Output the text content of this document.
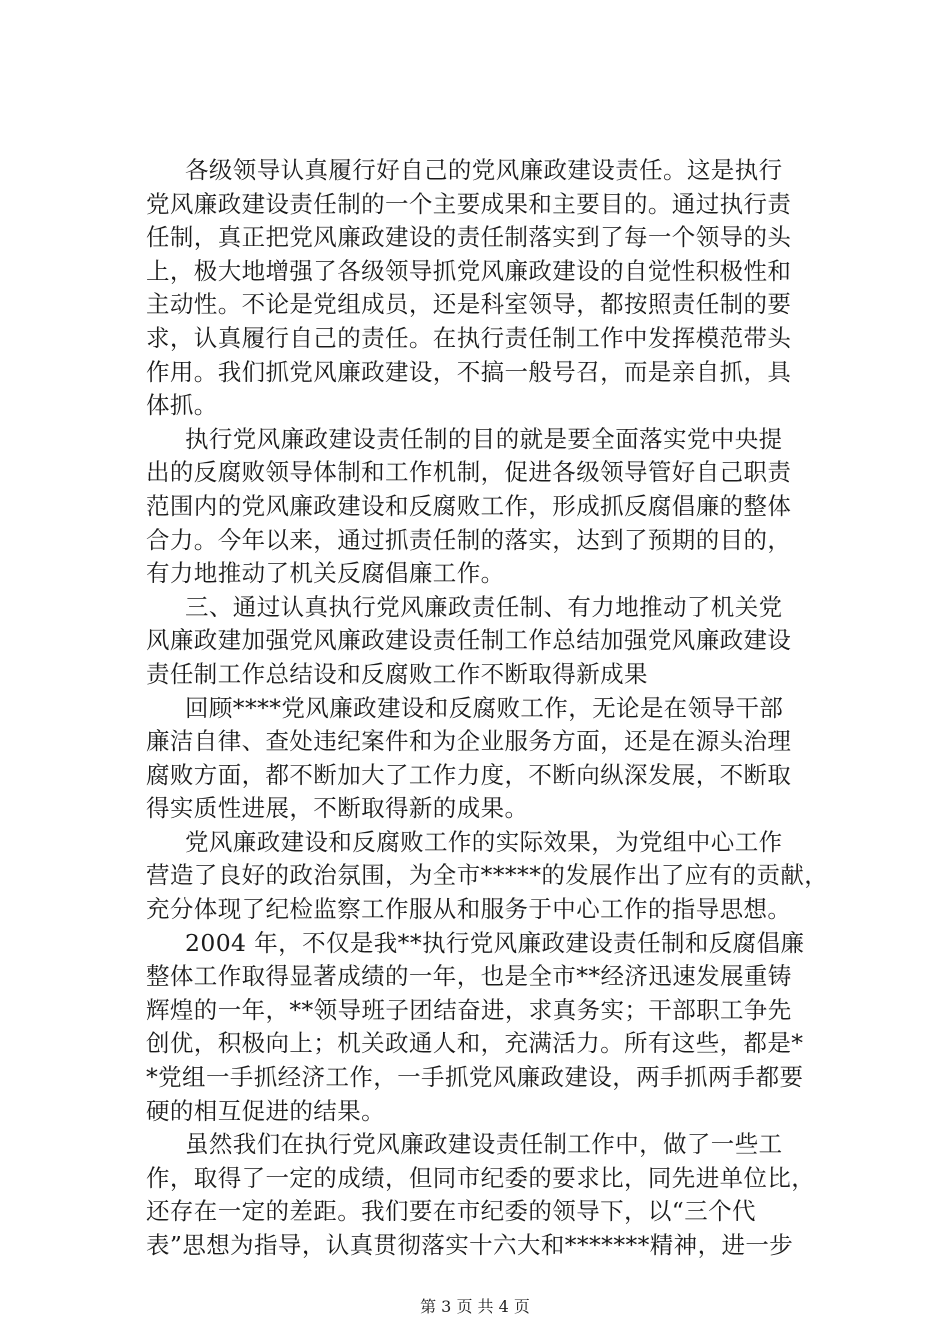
各级领导认真履行好自己的党风廉政建设责任。这是执行
党风廉政建设责任制的一个主要成果和主要目的。通过执行责
任制，真正把党风廉政建设的责任制落实到了每一个领导的头
上，极大地增强了各级领导抓党风廉政建设的自觉性积极性和
主动性。不论是党组成员，还是科室领导，都按照责任制的要
求，认真履行自己的责任。在执行责任制工作中发挥模范带头
作用。我们抓党风廉政建设，不搞一般号召，而是亲自抓，具
体抓。
执行党风廉政建设责任制的目的就是要全面落实党中央提
出的反腐败领导体制和工作机制，促进各级领导管好自己职责
范围内的党风廉政建设和反腐败工作，形成抓反腐倡廉的整体
合力。今年以来，通过抓责任制的落实，达到了预期的目的，
有力地推动了机关反腐倡廉工作。
三、通过认真执行党风廉政责任制、有力地推动了机关党
风廉政建加强党风廉政建设责任制工作总结加强党风廉政建设
责任制工作总结设和反腐败工作不断取得新成果
回顾****党风廉政建设和反腐败工作，无论是在领导干部
廉洁自律、查处违纪案件和为企业服务方面，还是在源头治理
腐败方面，都不断加大了工作力度，不断向纵深发展，不断取
得实质性进展，不断取得新的成果。
党风廉政建设和反腐败工作的实际效果，为党组中心工作
营造了良好的政治氛围，为全市*****的发展作出了应有的贡献，
充分体现了纪检监察工作服从和服务于中心工作的指导思想。
2004 年，不仅是我**执行党风廉政建设责任制和反腐倡廉
整体工作取得显著成绩的一年，也是全市**经济迅速发展重铸
辉煌的一年，**领导班子团结奋进，求真务实；干部职工争先
创优，积极向上；机关政通人和，充满活力。所有这些，都是*
*党组一手抓经济工作，一手抓党风廉政建设，两手抓两手都要
硬的相互促进的结果。
虽然我们在执行党风廉政建设责任制工作中，做了一些工
作，取得了一定的成绩，但同市纪委的要求比，同先进单位比，
还存在一定的差距。我们要在市纪委的领导下，以“三个代
表”思想为指导，认真贯彻落实十六大和*******精神，进一步
第 3 页 共 4 页
